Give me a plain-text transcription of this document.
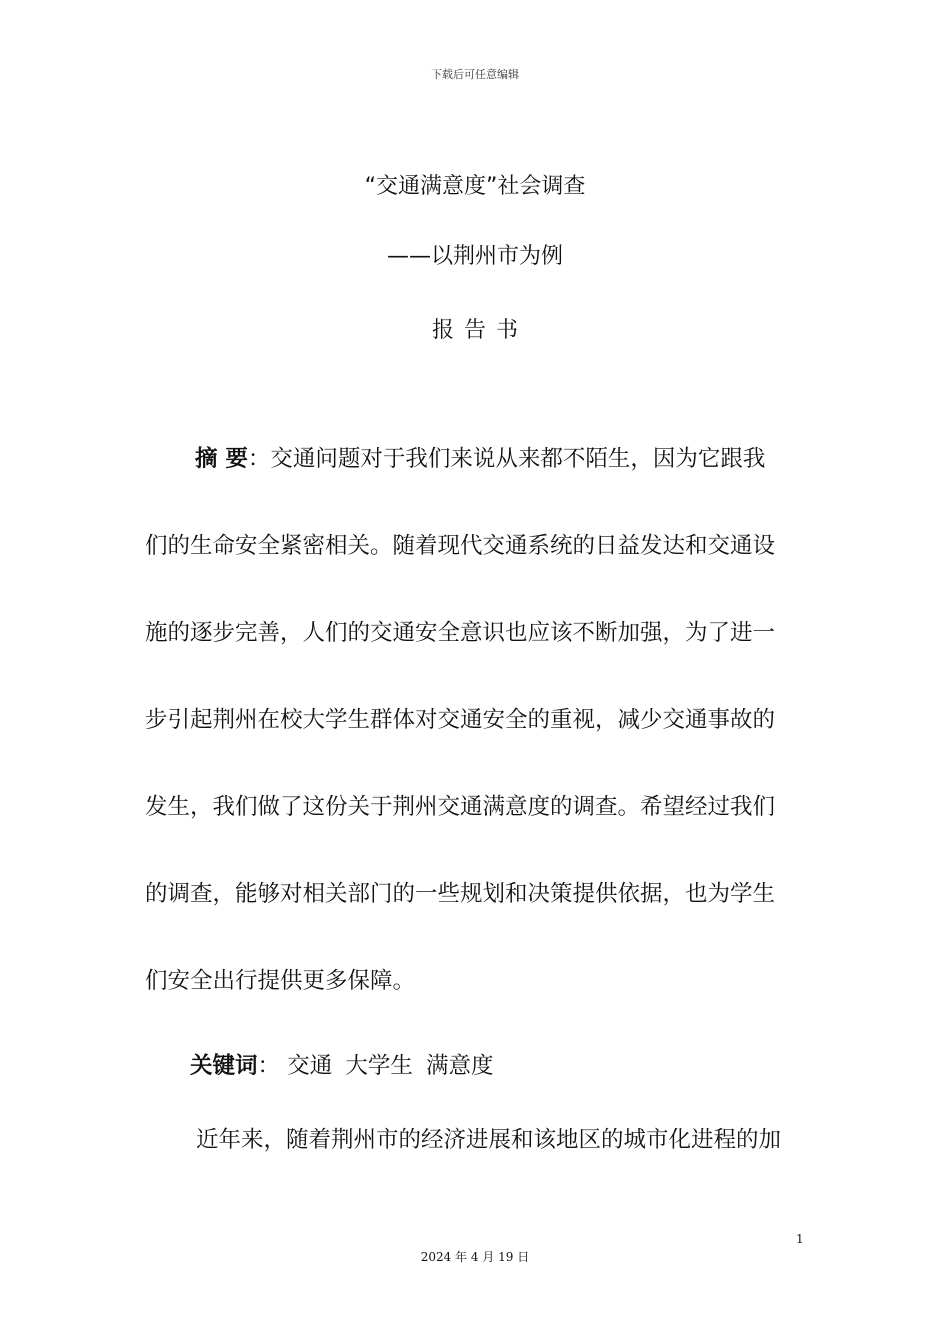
下载后可任意编辑
“交通满意度”社会调查
——以荆州市为例
报告书
摘 要：交通问题对于我们来说从来都不陌生，因为它跟我
们的生命安全紧密相关。随着现代交通系统的日益发达和交通设
施的逐步完善，人们的交通安全意识也应该不断加强，为了进一
步引起荆州在校大学生群体对交通安全的重视，减少交通事故的
发生，我们做了这份关于荆州交通满意度的调查。希望经过我们
的调查，能够对相关部门的一些规划和决策提供依据，也为学生
们安全出行提供更多保障。
关键词： 交通 大学生 满意度
近年来，随着荆州市的经济进展和该地区的城市化进程的加
1
2024 年 4 月 19 日
